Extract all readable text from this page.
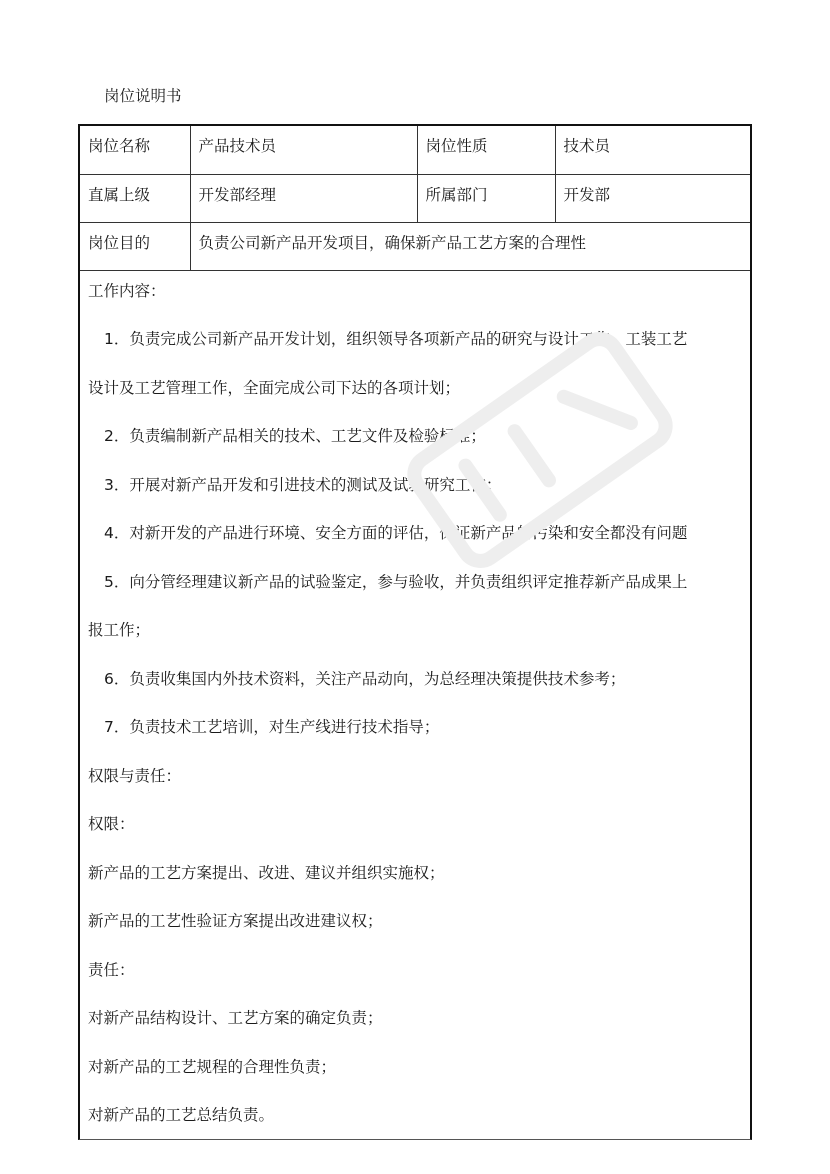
岗位说明书
岗位名称	产品技术员	岗位性质	技术员
直属上级	开发部经理	所属部门	开发部
岗位目的	负责公司新产品开发项目，确保新产品工艺方案的合理性		
工作内容：
1．负责完成公司新产品开发计划，组织领导各项新产品的研究与设计工作，工装工艺
设计及工艺管理工作，全面完成公司下达的各项计划；
2．负责编制新产品相关的技术、工艺文件及检验标准；
3．开展对新产品开发和引进技术的测试及试验研究工作；
4．对新开发的产品进行环境、安全方面的评估，保证新产品的污染和安全都没有问题
5．向分管经理建议新产品的试验鉴定，参与验收，并负责组织评定推荐新产品成果上
报工作；
6．负责收集国内外技术资料，关注产品动向，为总经理决策提供技术参考；
7．负责技术工艺培训，对生产线进行技术指导；
权限与责任：
权限：
新产品的工艺方案提出、改进、建议并组织实施权；
新产品的工艺性验证方案提出改进建议权；
责任：
对新产品结构设计、工艺方案的确定负责；
对新产品的工艺规程的合理性负责；
对新产品的工艺总结负责。
